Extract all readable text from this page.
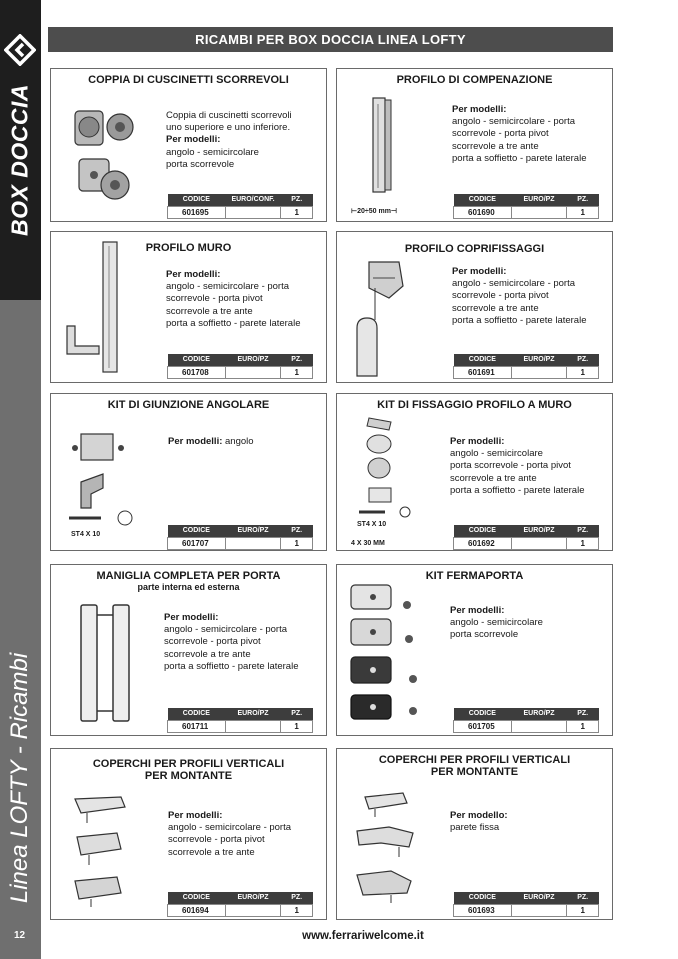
BOX DOCCIA
Linea LOFTY - Ricambi
12
RICAMBI PER BOX DOCCIA LINEA LOFTY
COPPIA DI CUSCINETTI SCORREVOLI
Coppia di cuscinetti scorrevoli
uno superiore e uno inferiore.
Per modelli:
angolo - semicircolare
porta scorrevole
CODICE	EURO/CONF.	PZ.
601695		1
PROFILO DI COMPENAZIONE
⊢20÷50 mm⊣
Per modelli:
angolo - semicircolare - porta
scorrevole - porta pivot
scorrevole a tre ante
porta a soffietto - parete laterale
CODICE	EURO/PZ	PZ.
601690		1
PROFILO MURO
Per modelli:
angolo - semicircolare - porta
scorrevole - porta pivot
scorrevole a tre ante
porta a soffietto - parete laterale
CODICE	EURO/PZ	PZ.
601708		1
PROFILO COPRIFISSAGGI
Per modelli:
angolo - semicircolare - porta
scorrevole - porta pivot
scorrevole a tre ante
porta a soffietto - parete laterale
CODICE	EURO/PZ	PZ.
601691		1
KIT DI GIUNZIONE ANGOLARE
ST4 X 10
Per modelli: angolo
CODICE	EURO/PZ	PZ.
601707		1
KIT DI FISSAGGIO PROFILO A MURO
ST4 X 10
4 X 30 MM
Per modelli:
angolo - semicircolare
porta scorrevole - porta pivot
scorrevole a tre ante
porta a soffietto - parete laterale
CODICE	EURO/PZ	PZ.
601692		1
MANIGLIA COMPLETA PER PORTA
parte interna ed esterna
Per modelli:
angolo - semicircolare - porta
scorrevole - porta pivot
scorrevole a tre ante
porta a soffietto - parete laterale
CODICE	EURO/PZ	PZ.
601711		1
KIT FERMAPORTA
Per modelli:
angolo - semicircolare
porta scorrevole
CODICE	EURO/PZ	PZ.
601705		1
COPERCHI PER PROFILI VERTICALI
PER MONTANTE
Per modelli:
angolo - semicircolare - porta
scorrevole - porta pivot
scorrevole a tre ante
CODICE	EURO/PZ	PZ.
601694		1
COPERCHI PER PROFILI VERTICALI
PER MONTANTE
Per modello:
parete fissa
CODICE	EURO/PZ	PZ.
601693		1
www.ferrariwelcome.it
